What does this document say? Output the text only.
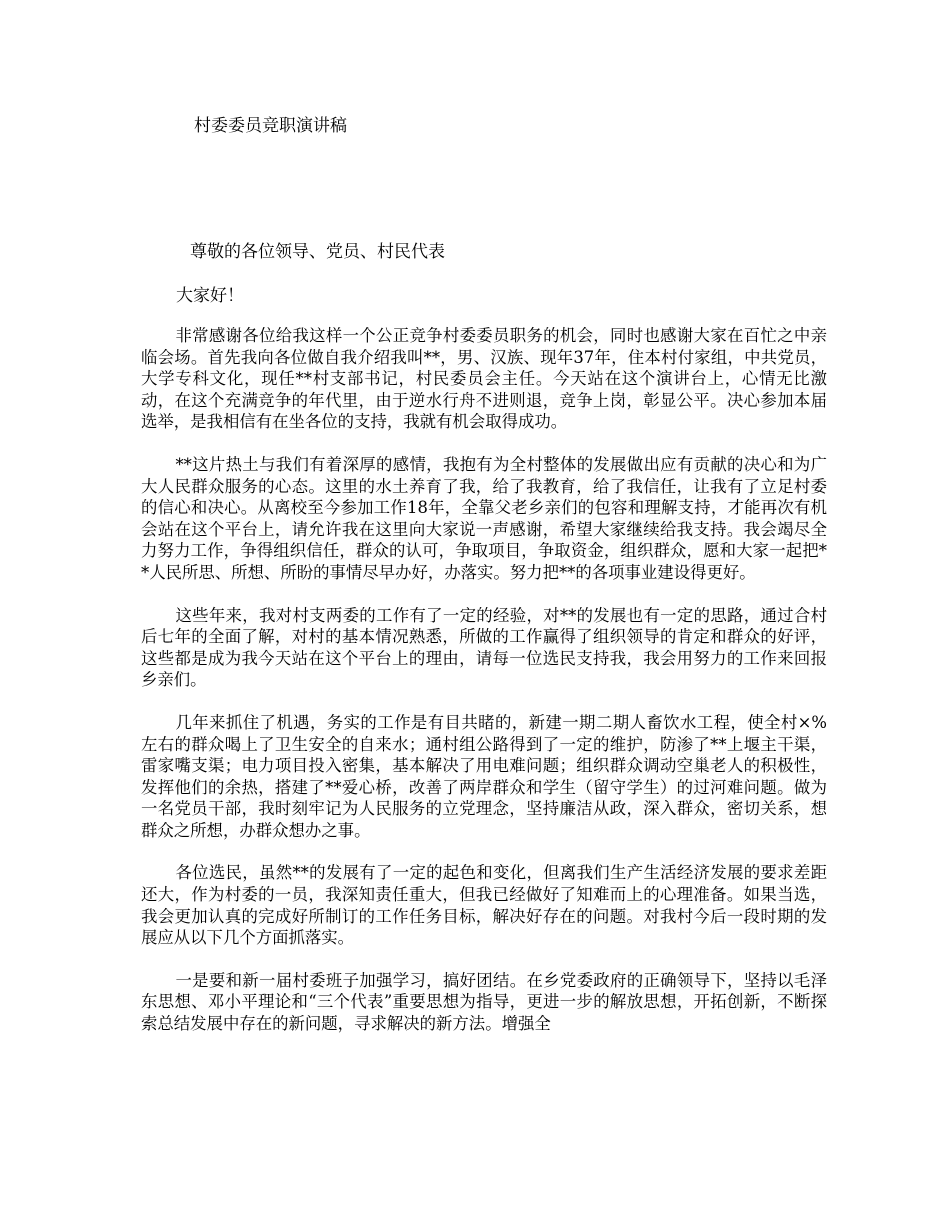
村委委员竞职演讲稿
尊敬的各位领导、党员、村民代表
大家好！

非常感谢各位给我这样一个公正竞争村委委员职务的机会，同时也感谢大家在百忙之中亲临会场。首先我向各位做自我介绍我叫**，男、汉族、现年37年，住本村付家组，中共党员，大学专科文化，现任**村支部书记，村民委员会主任。今天站在这个演讲台上，心情无比激动，在这个充满竞争的年代里，由于逆水行舟不进则退，竞争上岗，彰显公平。决心参加本届选举，是我相信有在坐各位的支持，我就有机会取得成功。

**这片热土与我们有着深厚的感情，我抱有为全村整体的发展做出应有贡献的决心和为广大人民群众服务的心态。这里的水土养育了我，给了我教育，给了我信任，让我有了立足村委的信心和决心。从离校至今参加工作18年，全靠父老乡亲们的包容和理解支持，才能再次有机会站在这个平台上，请允许我在这里向大家说一声感谢，希望大家继续给我支持。我会竭尽全力努力工作，争得组织信任，群众的认可，争取项目，争取资金，组织群众，愿和大家一起把**人民所思、所想、所盼的事情尽早办好，办落实。努力把**的各项事业建设得更好。

这些年来，我对村支两委的工作有了一定的经验，对**的发展也有一定的思路，通过合村后七年的全面了解，对村的基本情况熟悉，所做的工作赢得了组织领导的肯定和群众的好评，这些都是成为我今天站在这个平台上的理由，请每一位选民支持我，我会用努力的工作来回报乡亲们。

几年来抓住了机遇，务实的工作是有目共睹的，新建一期二期人畜饮水工程，使全村×%左右的群众喝上了卫生安全的自来水；通村组公路得到了一定的维护，防渗了**上堰主干渠，雷家嘴支渠；电力项目投入密集，基本解决了用电难问题；组织群众调动空巢老人的积极性，发挥他们的余热，搭建了**爱心桥，改善了两岸群众和学生（留守学生）的过河难问题。做为一名党员干部，我时刻牢记为人民服务的立党理念，坚持廉洁从政，深入群众，密切关系，想群众之所想，办群众想办之事。

各位选民，虽然**的发展有了一定的起色和变化，但离我们生产生活经济发展的要求差距还大，作为村委的一员，我深知责任重大，但我已经做好了知难而上的心理准备。如果当选，我会更加认真的完成好所制订的工作任务目标，解决好存在的问题。对我村今后一段时期的发展应从以下几个方面抓落实。

一是要和新一届村委班子加强学习，搞好团结。在乡党委政府的正确领导下，坚持以毛泽东思想、邓小平理论和“三个代表”重要思想为指导，更进一步的解放思想，开拓创新，不断探索总结发展中存在的新问题，寻求解决的新方法。增强全
